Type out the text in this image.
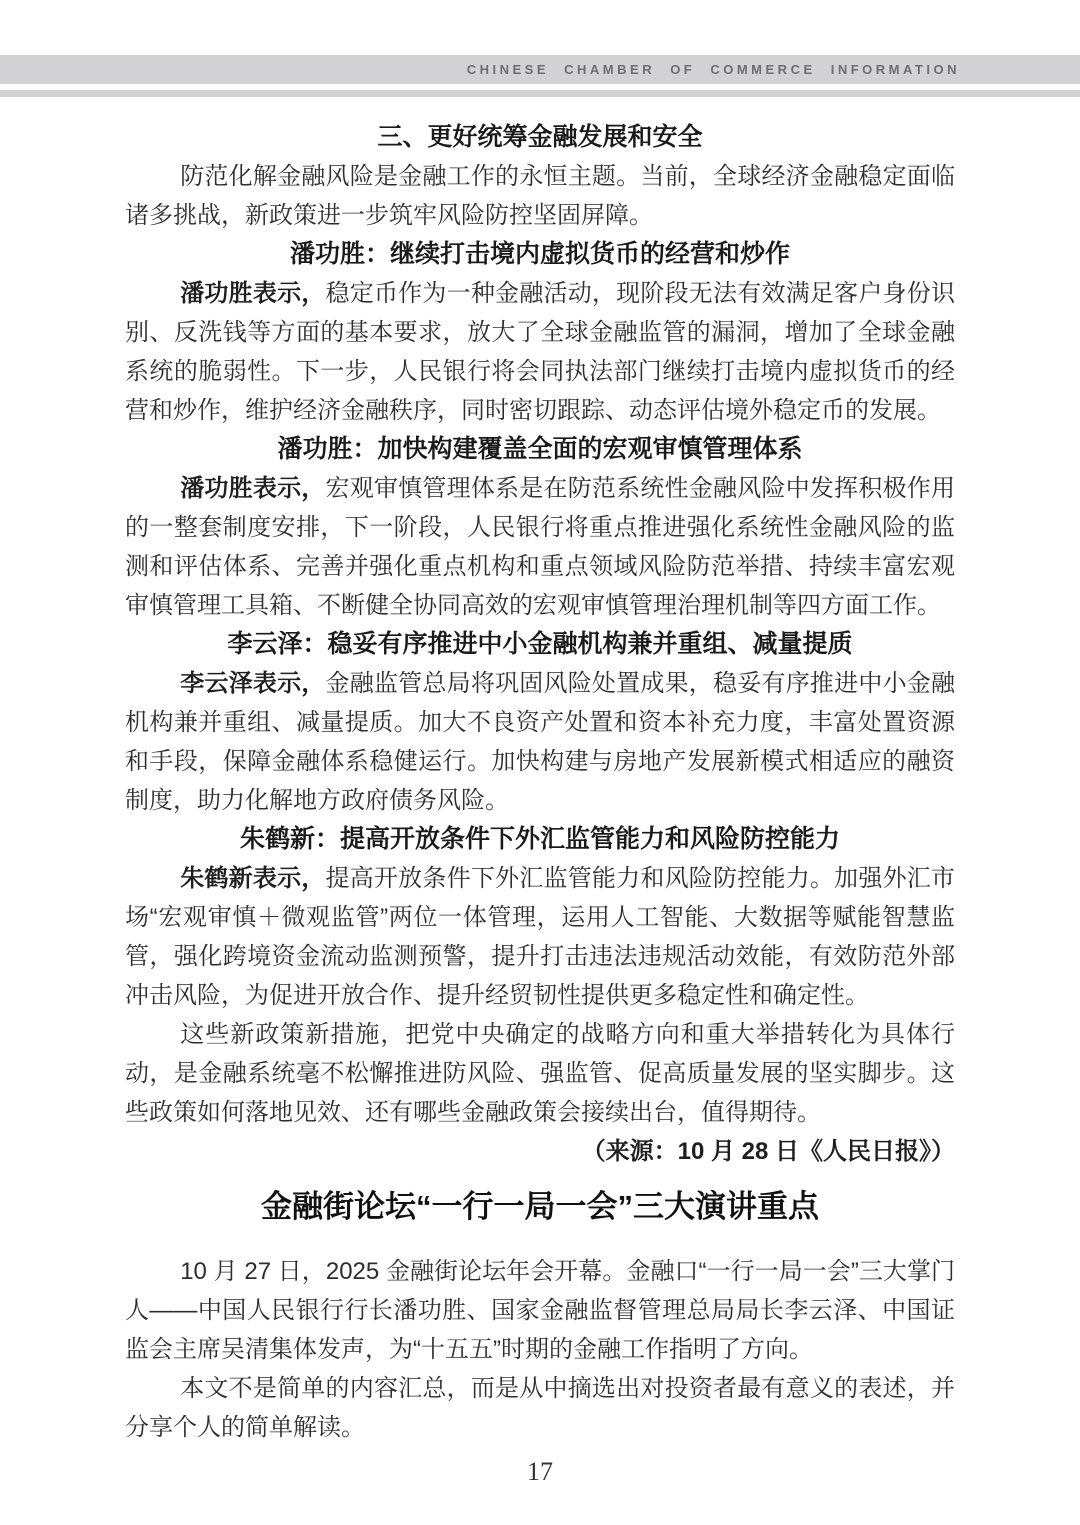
CHINESE CHAMBER OF COMMERCE INFORMATION
三、更好统筹金融发展和安全

防范化解金融风险是金融工作的永恒主题。当前，全球经济金融稳定面临诸多挑战，新政策进一步筑牢风险防控坚固屏障。

潘功胜：继续打击境内虚拟货币的经营和炒作

潘功胜表示，稳定币作为一种金融活动，现阶段无法有效满足客户身份识别、反洗钱等方面的基本要求，放大了全球金融监管的漏洞，增加了全球金融系统的脆弱性。下一步，人民银行将会同执法部门继续打击境内虚拟货币的经营和炒作，维护经济金融秩序，同时密切跟踪、动态评估境外稳定币的发展。

潘功胜：加快构建覆盖全面的宏观审慎管理体系

潘功胜表示，宏观审慎管理体系是在防范系统性金融风险中发挥积极作用的一整套制度安排，下一阶段，人民银行将重点推进强化系统性金融风险的监测和评估体系、完善并强化重点机构和重点领域风险防范举措、持续丰富宏观审慎管理工具箱、不断健全协同高效的宏观审慎管理治理机制等四方面工作。

李云泽：稳妥有序推进中小金融机构兼并重组、减量提质

李云泽表示，金融监管总局将巩固风险处置成果，稳妥有序推进中小金融机构兼并重组、减量提质。加大不良资产处置和资本补充力度，丰富处置资源和手段，保障金融体系稳健运行。加快构建与房地产发展新模式相适应的融资制度，助力化解地方政府债务风险。

朱鹤新：提高开放条件下外汇监管能力和风险防控能力

朱鹤新表示，提高开放条件下外汇监管能力和风险防控能力。加强外汇市场“宏观审慎＋微观监管”两位一体管理，运用人工智能、大数据等赋能智慧监管，强化跨境资金流动监测预警，提升打击违法违规活动效能，有效防范外部冲击风险，为促进开放合作、提升经贸韧性提供更多稳定性和确定性。

这些新政策新措施，把党中央确定的战略方向和重大举措转化为具体行动，是金融系统毫不松懈推进防风险、强监管、促高质量发展的坚实脚步。这些政策如何落地见效、还有哪些金融政策会接续出台，值得期待。
（来源：10 月 28 日《人民日报》）

金融街论坛“一行一局一会”三大演讲重点

10 月 27 日，2025 金融街论坛年会开幕。金融口“一行一局一会”三大掌门人——中国人民银行行长潘功胜、国家金融监督管理总局局长李云泽、中国证监会主席吴清集体发声，为“十五五”时期的金融工作指明了方向。

本文不是简单的内容汇总，而是从中摘选出对投资者最有意义的表述，并分享个人的简单解读。

17
